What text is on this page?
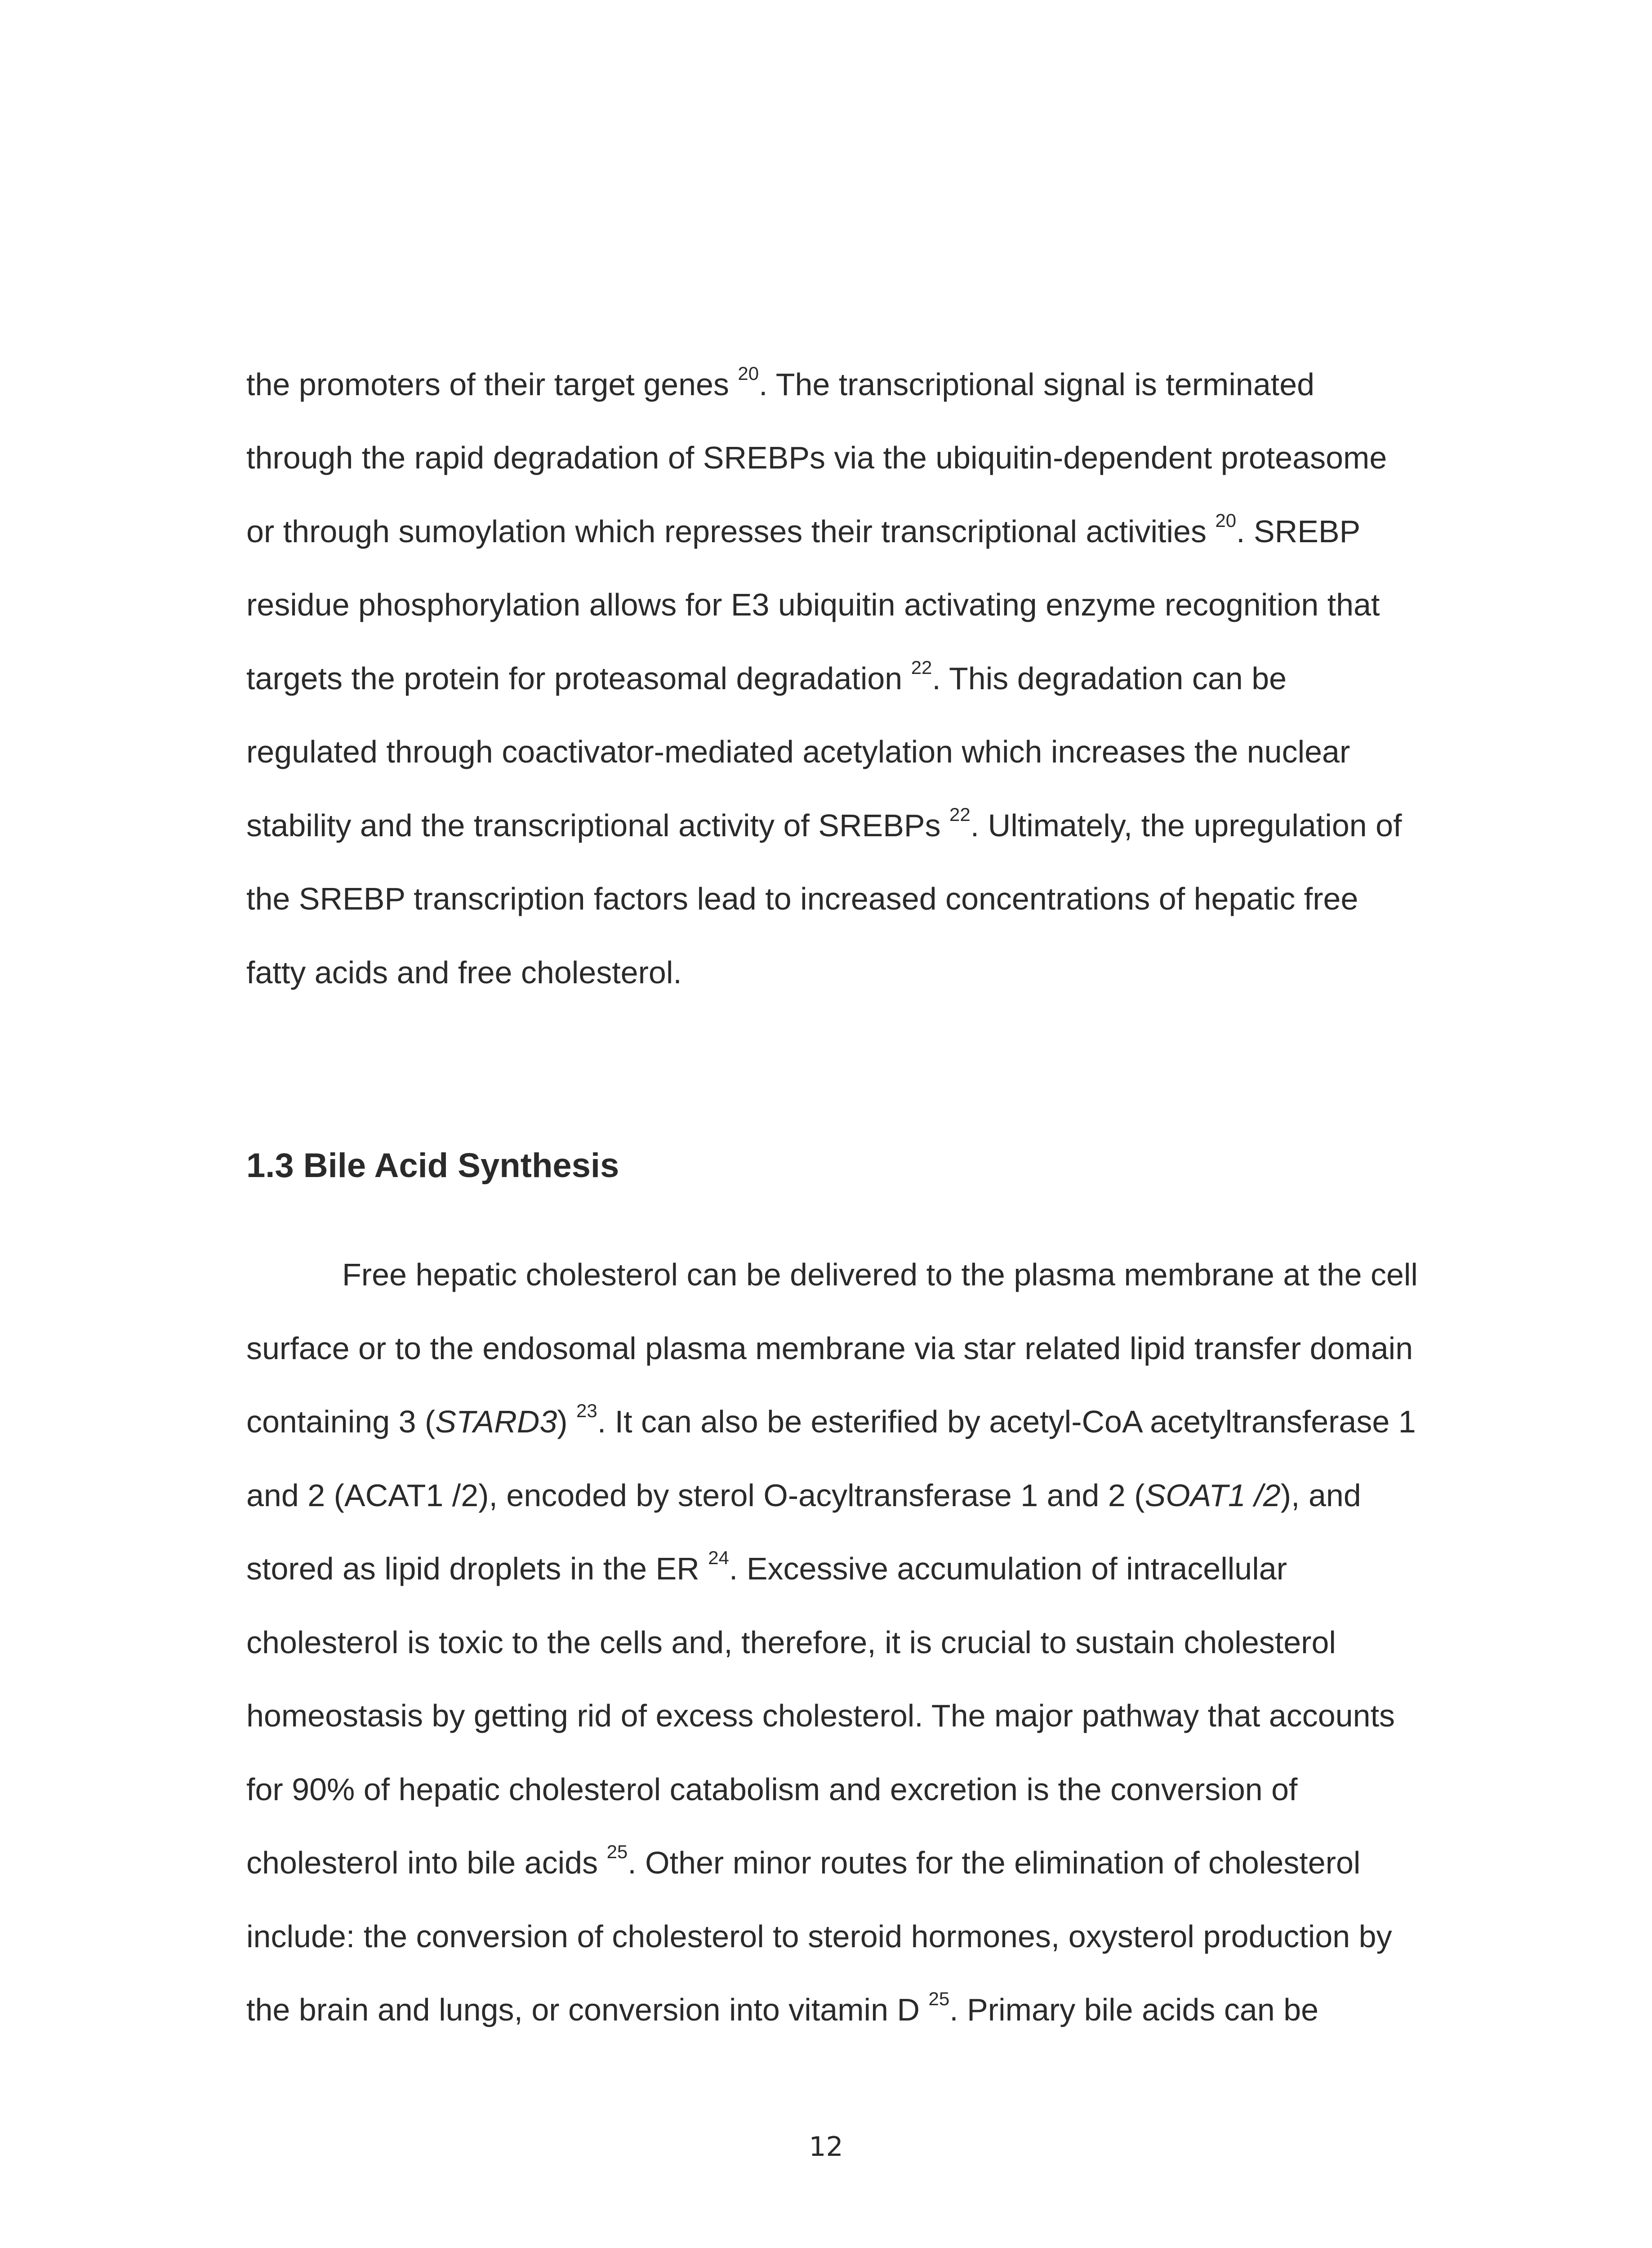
the promoters of their target genes $^{20}$. The transcriptional signal is terminated
through the rapid degradation of SREBPs via the ubiquitin-dependent proteasome
or through sumoylation which represses their transcriptional activities $^{20}$. SREBP
residue phosphorylation allows for E3 ubiquitin activating enzyme recognition that
targets the protein for proteasomal degradation $^{22}$. This degradation can be
regulated through coactivator-mediated acetylation which increases the nuclear
stability and the transcriptional activity of SREBPs $^{22}$. Ultimately, the upregulation of
the SREBP transcription factors lead to increased concentrations of hepatic free
fatty acids and free cholesterol.
1.3 Bile Acid Synthesis
Free hepatic cholesterol can be delivered to the plasma membrane at the cell
surface or to the endosomal plasma membrane via star related lipid transfer domain
containing 3 (STARD3) $^{23}$. It can also be esterified by acetyl-CoA acetyltransferase 1
and 2 (ACAT1 /2), encoded by sterol O-acyltransferase 1 and 2 (SOAT1 /2), and
stored as lipid droplets in the ER $^{24}$. Excessive accumulation of intracellular
cholesterol is toxic to the cells and, therefore, it is crucial to sustain cholesterol
homeostasis by getting rid of excess cholesterol. The major pathway that accounts
for 90% of hepatic cholesterol catabolism and excretion is the conversion of
cholesterol into bile acids $^{25}$. Other minor routes for the elimination of cholesterol
include: the conversion of cholesterol to steroid hormones, oxysterol production by
the brain and lungs, or conversion into vitamin D $^{25}$. Primary bile acids can be
12
